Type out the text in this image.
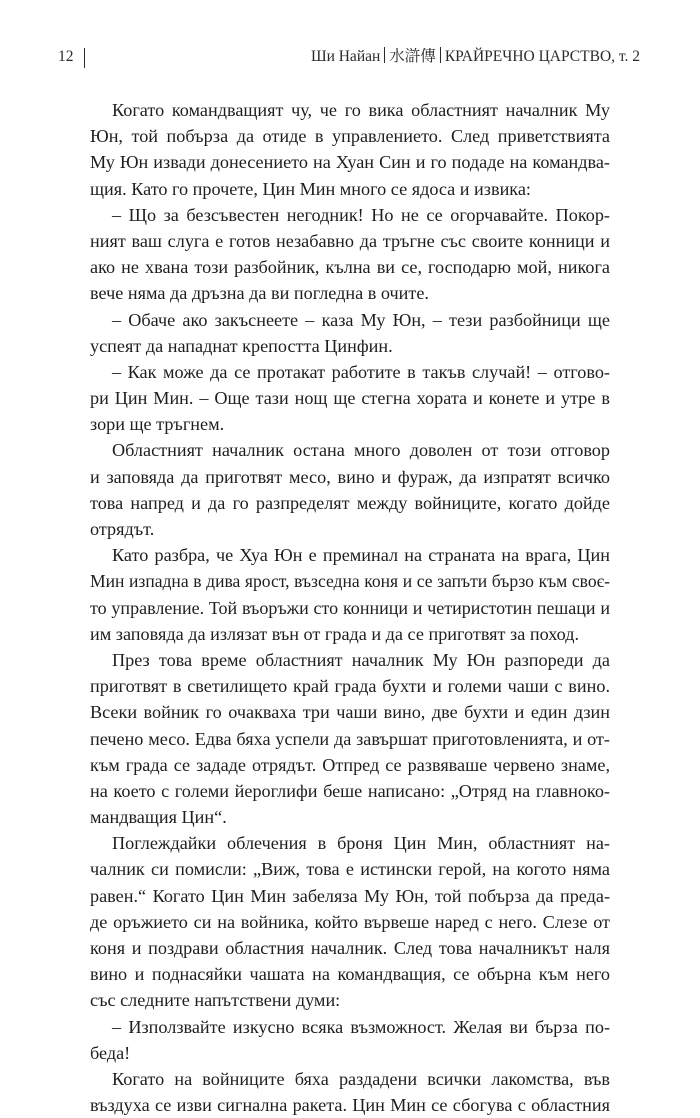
12	Ши Найан 水滸傳 КРАЙРЕЧНО ЦАРСТВО, т. 2
Когато командващият чу, че го вика областният началник Му
Юн, той побърза да отиде в управлението. След приветствията
Му Юн извади донесението на Хуан Син и го подаде на командва-
щия. Като го прочете, Цин Мин много се ядоса и извика:
– Що за безсъвестен негодник! Но не се огорчавайте. Покор-
ният ваш слуга е готов незабавно да тръгне със своите конници и
ако не хвана този разбойник, кълна ви се, господарю мой, никога
вече няма да дръзна да ви погледна в очите.
– Обаче ако закъснеете – каза Му Юн, – тези разбойници ще
успеят да нападнат крепостта Цинфин.
– Как може да се протакат работите в такъв случай! – отгово-
ри Цин Мин. – Още тази нощ ще стегна хората и конете и утре в
зори ще тръгнем.
Областният началник остана много доволен от този отговор
и заповяда да приготвят месо, вино и фураж, да изпратят всичко
това напред и да го разпределят между войниците, когато дойде
отрядът.
Като разбра, че Хуа Юн е преминал на страната на врага, Цин
Мин изпадна в дива ярост, възседна коня и се запъти бързо към своє-
то управление. Той въоръжи сто конници и четиристотин пешаци и
им заповяда да излязат вън от града и да се приготвят за поход.
През това време областният началник Му Юн разпореди да
приготвят в светилището край града бухти и големи чаши с вино.
Всеки войник го очакваха три чаши вино, две бухти и един дзин
печено месо. Едва бяха успели да завършат приготовленията, и от-
към града се зададе отрядът. Отпред се развяваше червено знаме,
на което с големи йероглифи беше написано: „Отряд на главноко-
мандващия Цин“.
Поглеждайки облечения в броня Цин Мин, областният на-
чалник си помисли: „Виж, това е истински герой, на когото няма
равен.“ Когато Цин Мин забеляза Му Юн, той побърза да преда-
де оръжието си на войника, който вървеше наред с него. Слезе от
коня и поздрави областния началник. След това началникът наля
вино и поднасяйки чашата на командващия, се обърна към него
със следните напътствени думи:
– Използвайте изкусно всяка възможност. Желая ви бърза по-
беда!
Когато на войниците бяха раздадени всички лакомства, във
въздуха се изви сигнална ракета. Цин Мин се сбогува с областния
